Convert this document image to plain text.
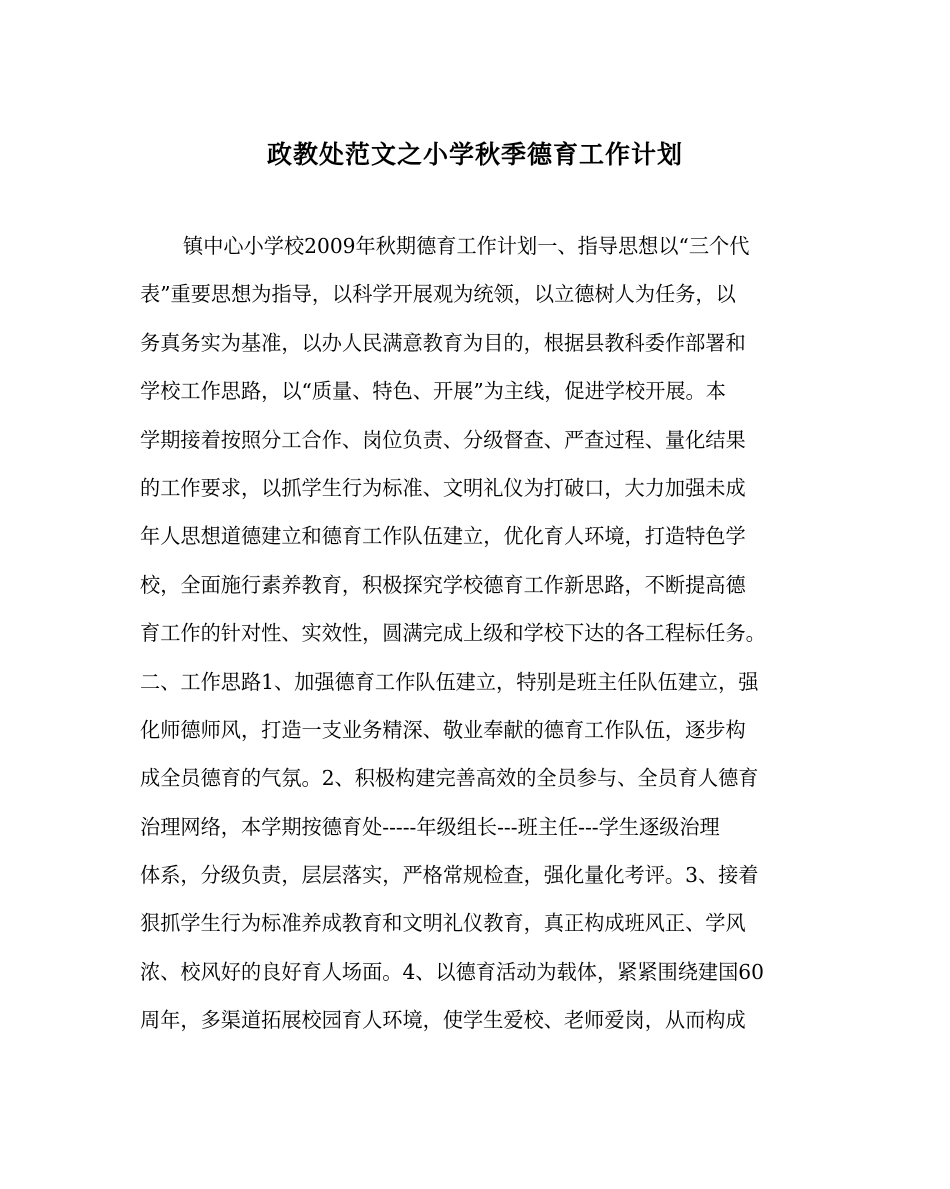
政教处范文之小学秋季德育工作计划
镇中心小学校2009年秋期德育工作计划一、指导思想以“三个代
表”重要思想为指导，以科学开展观为统领，以立德树人为任务，以
务真务实为基准，以办人民满意教育为目的，根据县教科委作部署和
学校工作思路，以“质量、特色、开展”为主线，促进学校开展。本
学期接着按照分工合作、岗位负责、分级督查、严查过程、量化结果
的工作要求，以抓学生行为标准、文明礼仪为打破口，大力加强未成
年人思想道德建立和德育工作队伍建立，优化育人环境，打造特色学
校，全面施行素养教育，积极探究学校德育工作新思路，不断提高德
育工作的针对性、实效性，圆满完成上级和学校下达的各工程标任务。
二、工作思路1、加强德育工作队伍建立，特别是班主任队伍建立，强
化师德师风，打造一支业务精深、敬业奉献的德育工作队伍，逐步构
成全员德育的气氛。2、积极构建完善高效的全员参与、全员育人德育
治理网络，本学期按德育处-----年级组长---班主任---学生逐级治理
体系，分级负责，层层落实，严格常规检查，强化量化考评。3、接着
狠抓学生行为标准养成教育和文明礼仪教育，真正构成班风正、学风
浓、校风好的良好育人场面。4、以德育活动为载体，紧紧围绕建国60
周年，多渠道拓展校园育人环境，使学生爱校、老师爱岗，从而构成
